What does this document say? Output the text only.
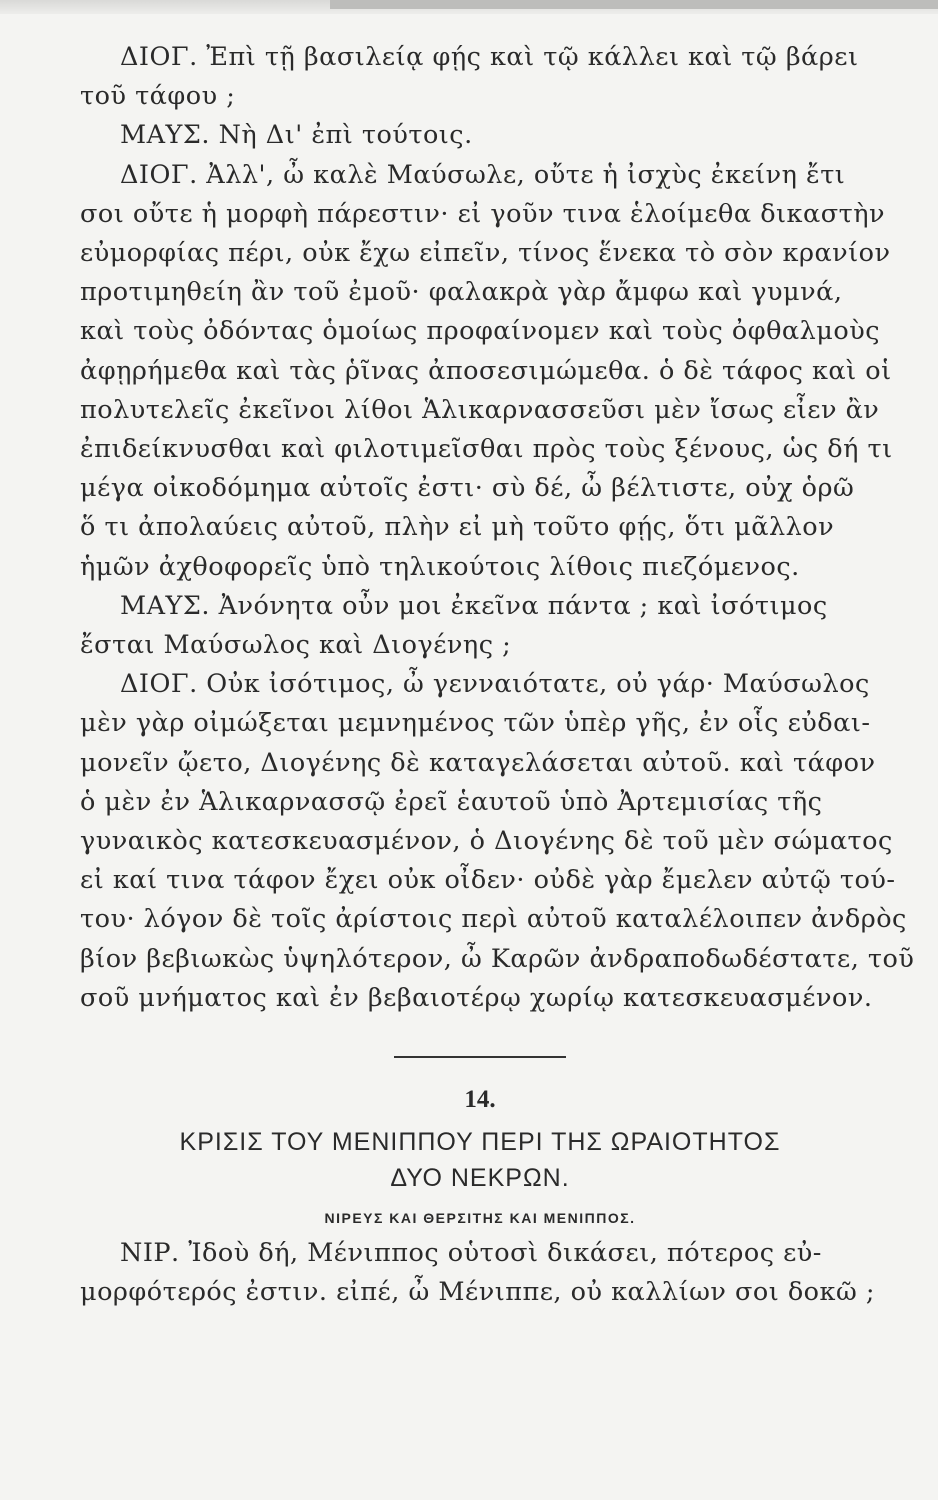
ΔΙΟΓ. Ἐπὶ τῇ βασιλείᾳ φῄς καὶ τῷ κάλλει καὶ τῷ βάρει
τοῦ τάφου ;

ΜΑΥΣ. Νὴ Δι' ἐπὶ τούτοις.

ΔΙΟΓ. Ἀλλ', ὦ καλὲ Μαύσωλε, οὔτε ἡ ἰσχὺς ἐκείνη ἔτι
σοι οὔτε ἡ μορφὴ πάρεστιν· εἰ γοῦν τινα ἑλοίμεθα δικαστὴν
εὐμορφίας πέρι, οὐκ ἔχω εἰπεῖν, τίνος ἕνεκα τὸ σὸν κρανίον
προτιμηθείη ἂν τοῦ ἐμοῦ· φαλακρὰ γὰρ ἄμφω καὶ γυμνά,
καὶ τοὺς ὀδόντας ὁμοίως προφαίνομεν καὶ τοὺς ὀφθαλμοὺς
ἀφῃρήμεθα καὶ τὰς ῥῖνας ἀποσεσιμώμεθα. ὁ δὲ τάφος καὶ οἱ
πολυτελεῖς ἐκεῖνοι λίθοι Ἁλικαρνασσεῦσι μὲν ἴσως εἶεν ἂν
ἐπιδείκνυσθαι καὶ φιλοτιμεῖσθαι πρὸς τοὺς ξένους, ὡς δή τι
μέγα οἰκοδόμημα αὐτοῖς ἐστι· σὺ δέ, ὦ βέλτιστε, οὐχ ὁρῶ
ὅ τι ἀπολαύεις αὐτοῦ, πλὴν εἰ μὴ τοῦτο φῄς, ὅτι μᾶλλον
ἡμῶν ἀχθοφορεῖς ὑπὸ τηλικούτοις λίθοις πιεζόμενος.

ΜΑΥΣ. Ἀνόνητα οὖν μοι ἐκεῖνα πάντα ; καὶ ἰσότιμος
ἔσται Μαύσωλος καὶ Διογένης ;

ΔΙΟΓ. Οὐκ ἰσότιμος, ὦ γενναιότατε, οὐ γάρ· Μαύσωλος
μὲν γὰρ οἰμώξεται μεμνημένος τῶν ὑπὲρ γῆς, ἐν οἷς εὐδαι-
μονεῖν ᾤετο, Διογένης δὲ καταγελάσεται αὐτοῦ. καὶ τάφον
ὁ μὲν ἐν Ἁλικαρνασσῷ ἐρεῖ ἑαυτοῦ ὑπὸ Ἀρτεμισίας τῆς
γυναικὸς κατεσκευασμένον, ὁ Διογένης δὲ τοῦ μὲν σώματος
εἰ καί τινα τάφον ἔχει οὐκ οἶδεν· οὐδὲ γὰρ ἔμελεν αὐτῷ τού-
του· λόγον δὲ τοῖς ἀρίστοις περὶ αὐτοῦ καταλέλοιπεν ἀνδρὸς
βίον βεβιωκὼς ὑψηλότερον, ὦ Καρῶν ἀνδραποδωδέστατε, τοῦ
σοῦ μνήματος καὶ ἐν βεβαιοτέρῳ χωρίῳ κατεσκευασμένον.

14.
ΚΡΙΣΙΣ ΤΟΥ ΜΕΝΙΠΠΟΥ ΠΕΡΙ ΤΗΣ ΩΡΑΙΟΤΗΤΟΣ
ΔΥΟ ΝΕΚΡΩΝ.
ΝΙΡΕΥΣ ΚΑΙ ΘΕΡΣΙΤΗΣ ΚΑΙ ΜΕΝΙΠΠΟΣ.

ΝΙΡ. Ἰδοὺ δή, Μένιππος οὑτοσὶ δικάσει, πότερος εὐ-
μορφότερός ἐστιν. εἰπέ, ὦ Μένιππε, οὐ καλλίων σοι δοκῶ ;
